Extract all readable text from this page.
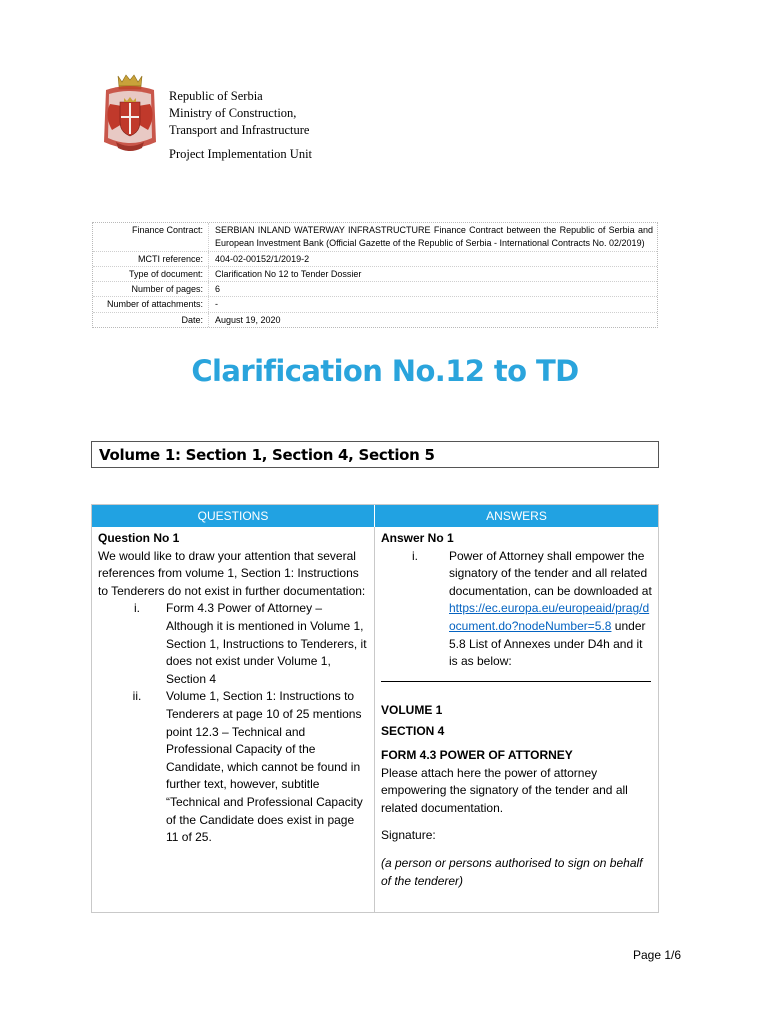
Republic of Serbia
Ministry of Construction,
Transport and Infrastructure
Project Implementation Unit
Finance Contract:	SERBIAN INLAND WATERWAY INFRASTRUCTURE Finance Contract between the Republic of Serbia and European Investment Bank (Official Gazette of the Republic of Serbia - International Contracts No. 02/2019)
MCTI reference:	404-02-00152/1/2019-2
Type of document:	Clarification No 12 to Tender Dossier
Number of pages:	6
Number of attachments:	-
Date:	August 19, 2020
Clarification No.12 to TD
Volume 1: Section 1, Section 4, Section 5
QUESTIONS	ANSWERS
Question No 1
We would like to draw your attention that several references from volume 1, Section 1: Instructions to Tenderers do not exist in further documentation:
i.	Form 4.3 Power of Attorney – Although it is mentioned in Volume 1, Section 1, Instructions to Tenderers, it does not exist under Volume 1, Section 4
ii.	Volume 1, Section 1: Instructions to Tenderers at page 10 of 25 mentions point 12.3 – Technical and Professional Capacity of the Candidate, which cannot be found in further text, however, subtitle “Technical and Professional Capacity of the Candidate does exist in page 11 of 25.
Answer No 1
i.	Power of Attorney shall empower the signatory of the tender and all related documentation, can be downloaded at https://ec.europa.eu/europeaid/prag/document.do?nodeNumber=5.8 under 5.8 List of Annexes under D4h and it is as below:
VOLUME 1
SECTION 4
FORM 4.3 POWER OF ATTORNEY
Please attach here the power of attorney empowering the signatory of the tender and all related documentation.
Signature:
(a person or persons authorised to sign on behalf of the tenderer)
Page 1/6
